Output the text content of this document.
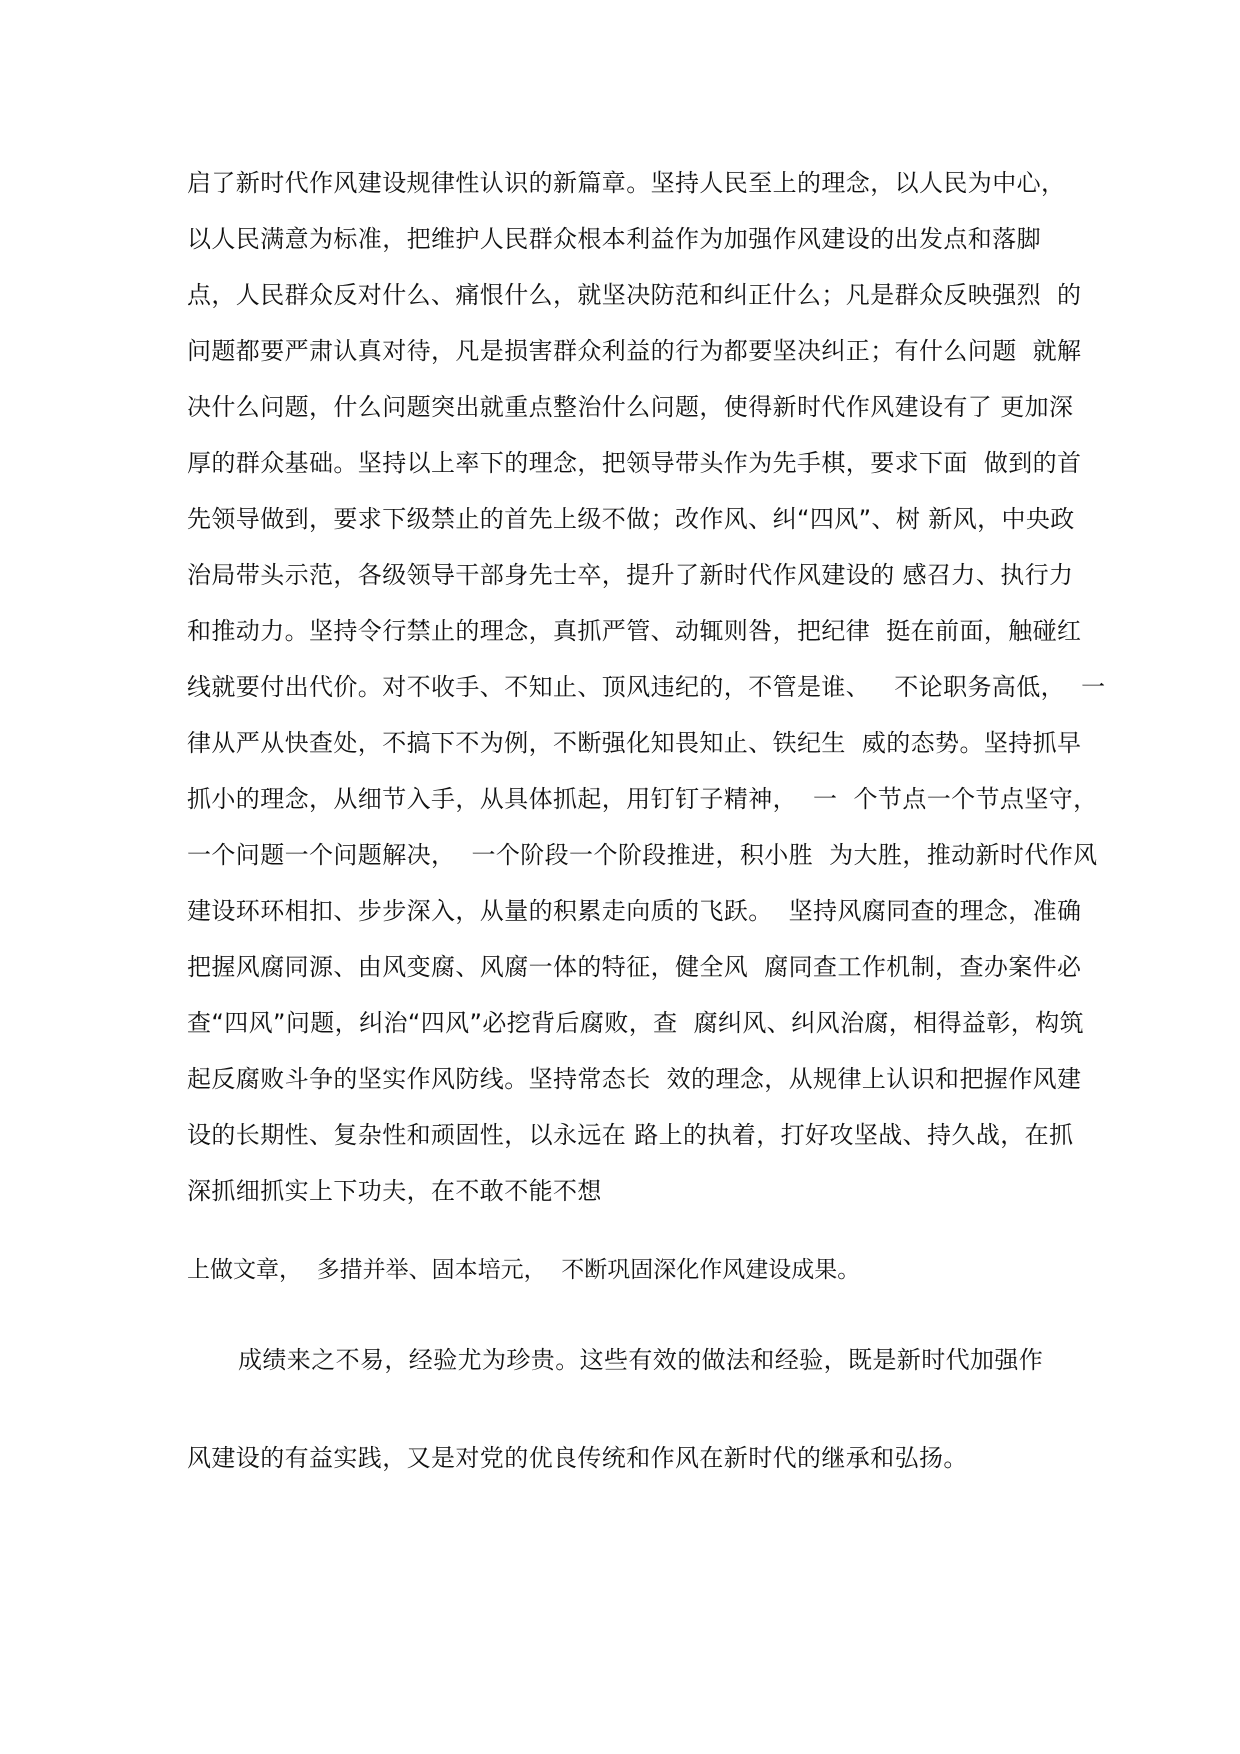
启了新时代作风建设规律性认识的新篇章。坚持人民至上的理念，以人民为中心，
以人民满意为标准，把维护人民群众根本利益作为加强作风建设的出发点和落脚
点，人民群众反对什么、痛恨什么，就坚决防范和纠正什么；凡是群众反映强烈  的
问题都要严肃认真对待，凡是损害群众利益的行为都要坚决纠正；有什么问题  就解
决什么问题，什么问题突出就重点整治什么问题，使得新时代作风建设有了 更加深
厚的群众基础。坚持以上率下的理念，把领导带头作为先手棋，要求下面  做到的首
先领导做到，要求下级禁止的首先上级不做；改作风、纠“四风”、树 新风，中央政
治局带头示范，各级领导干部身先士卒，提升了新时代作风建设的 感召力、执行力
和推动力。坚持令行禁止的理念，真抓严管、动辄则咎，把纪律  挺在前面，触碰红
线就要付出代价。对不收手、不知止、顶风违纪的，不管是谁、   不论职务高低，  一
律从严从快查处，不搞下不为例，不断强化知畏知止、铁纪生  威的态势。坚持抓早
抓小的理念，从细节入手，从具体抓起，用钉钉子精神，  一  个节点一个节点坚守，
一个问题一个问题解决，  一个阶段一个阶段推进，积小胜  为大胜，推动新时代作风
建设环环相扣、步步深入，从量的积累走向质的飞跃。  坚持风腐同查的理念，准确
把握风腐同源、由风变腐、风腐一体的特征，健全风  腐同查工作机制，查办案件必
查“四风”问题，纠治“四风”必挖背后腐败，查  腐纠风、纠风治腐，相得益彰，构筑
起反腐败斗争的坚实作风防线。坚持常态长  效的理念，从规律上认识和把握作风建
设的长期性、复杂性和顽固性，以永远在 路上的执着，打好攻坚战、持久战，在抓
深抓细抓实上下功夫，在不敢不能不想
上做文章，  多措并举、固本培元，  不断巩固深化作风建设成果。
成绩来之不易，经验尤为珍贵。这些有效的做法和经验，既是新时代加强作
风建设的有益实践，又是对党的优良传统和作风在新时代的继承和弘扬。
